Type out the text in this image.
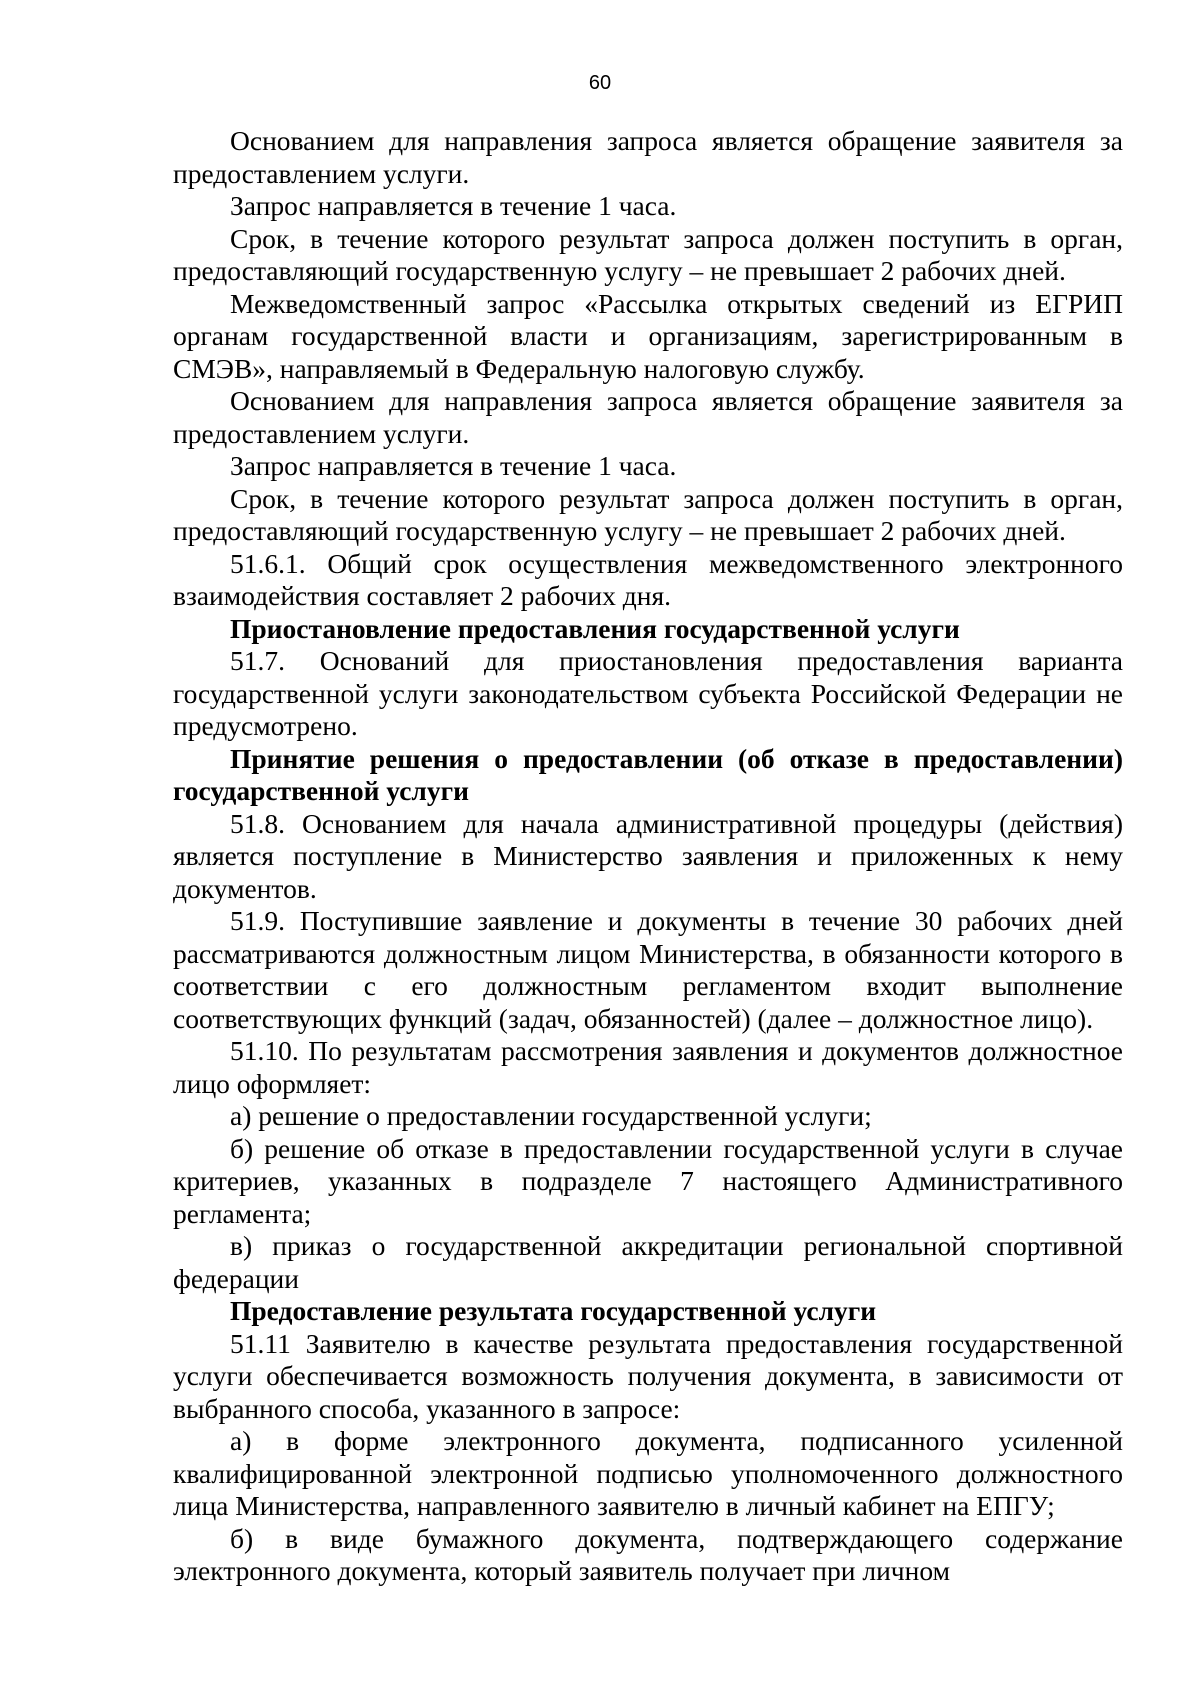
60

Основанием для направления запроса является обращение заявителя за предоставлением услуги.

Запрос направляется в течение 1 часа.

Срок, в течение которого результат запроса должен поступить в орган, предоставляющий государственную услугу – не превышает 2 рабочих дней.

Межведомственный запрос «Рассылка открытых сведений из ЕГРИП органам государственной власти и организациям, зарегистрированным в СМЭВ», направляемый в Федеральную налоговую службу.

Основанием для направления запроса является обращение заявителя за предоставлением услуги.

Запрос направляется в течение 1 часа.

Срок, в течение которого результат запроса должен поступить в орган, предоставляющий государственную услугу – не превышает 2 рабочих дней.

51.6.1. Общий срок осуществления межведомственного электронного взаимодействия составляет 2 рабочих дня.

Приостановление предоставления государственной услуги

51.7. Оснований для приостановления предоставления варианта государственной услуги законодательством субъекта Российской Федерации не предусмотрено.

Принятие решения о предоставлении (об отказе в предоставлении) государственной услуги

51.8. Основанием для начала административной процедуры (действия) является поступление в Министерство заявления и приложенных к нему документов.

51.9. Поступившие заявление и документы в течение 30 рабочих дней рассматриваются должностным лицом Министерства, в обязанности которого в соответствии с его должностным регламентом входит выполнение соответствующих функций (задач, обязанностей) (далее – должностное лицо).

51.10. По результатам рассмотрения заявления и документов должностное лицо оформляет:

а) решение о предоставлении государственной услуги;

б) решение об отказе в предоставлении государственной услуги в случае критериев, указанных в подразделе 7 настоящего Административного регламента;

в) приказ о государственной аккредитации региональной спортивной федерации

Предоставление результата государственной услуги

51.11 Заявителю в качестве результата предоставления государственной услуги обеспечивается возможность получения документа, в зависимости от выбранного способа, указанного в запросе:

а) в форме электронного документа, подписанного усиленной квалифицированной электронной подписью уполномоченного должностного лица Министерства, направленного заявителю в личный кабинет на ЕПГУ;

б) в виде бумажного документа, подтверждающего содержание электронного документа, который заявитель получает при личном
